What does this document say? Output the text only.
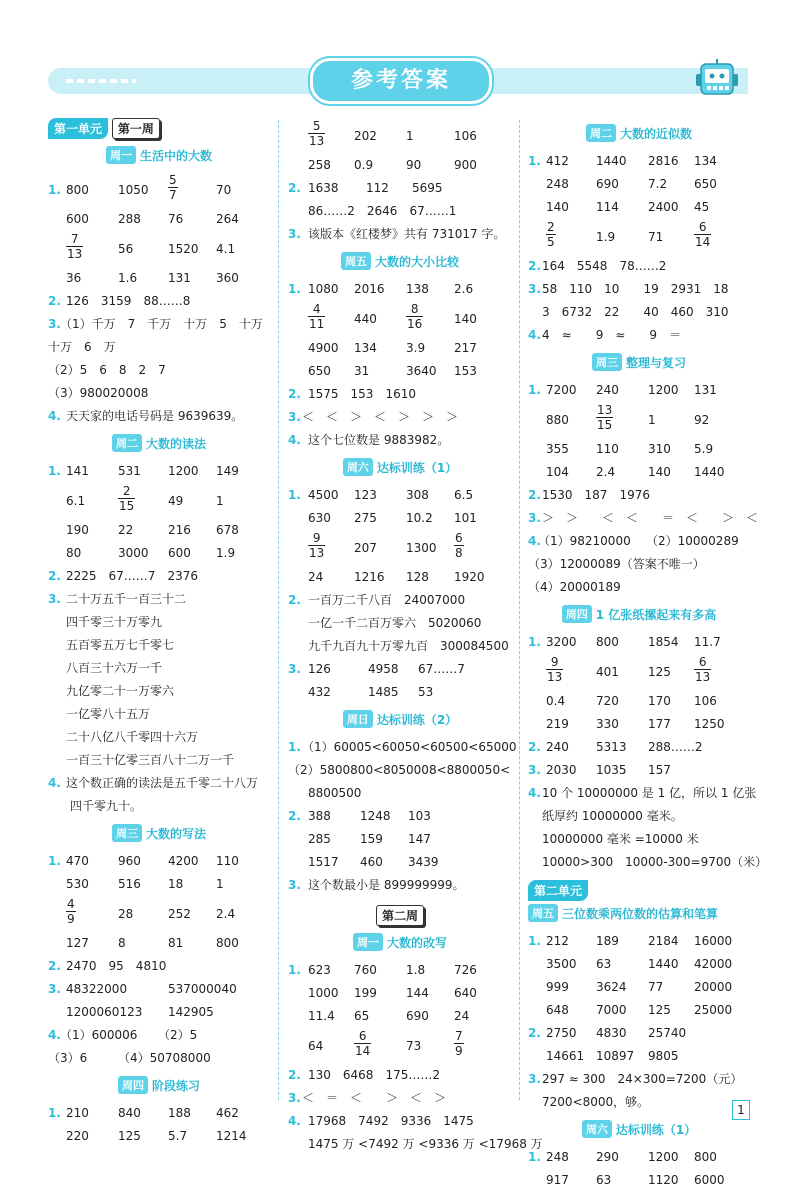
参考答案
第一单元 第一周
周一 生活中的大数
1. 800 $1050 \frac{5}{7}$	70
600 288 76	264
$\frac{7}{13}$	56	1520 4.1
36	1.6	131 360
2. 126　3159　88……8
3. （1）千万　7　千万　十万　5　十万
十万　6　万
（2）5　6　8　2　7
（3）980020008
4. 天天家的电话号码是 9639639。
周二 大数的读法
1. 141 531 1200 149
6.1	$\frac{2}{15}$	49	1
190 22	216 678
80	3000 600 1.9
2. 2225　67……7　2376
3. 二十万五千一百三十二
四千零三十万零九
五百零五万七千零七
八百三十六万一千
九亿零二十一万零六
一亿零八十五万
二十八亿八千零四十六万
一百三十亿零三百八十二万一千
4. 这个数正确的读法是五千零二十八万
四千零九十。
周三 大数的写法
1. 470 960 4200 110
530 516 18	1
$\frac{4}{9}$	28	252 2.4
127 8	81	800
2. 2470　95　4810
3. 48322000	537000040
1200060123 142905
4. （1）600006 （2）5
（3）6	（4）50708000
周四 阶段练习
1. 210 840 188 462
220 125 5.7 1214
$\frac{5}{13} 202$ 1	106
258 0.9	90	900
2. 1638 112 5695
86……2　2646　67……1
3. 该版本《红楼梦》共有 731017 字。
周五 大数的大小比较
1. 1080 2016 138 2.6
$\frac{4}{11} 440 \frac{8}{16}$	140
4900 134 3.9 217
650 31	3640 153
2. 1575　153　1610
3. ＜　＜　＞　＜　＞　＞　＞
4. 这个七位数是 9883982。
周六 达标训练（1）
1. 4500 123 308 6.5
630 275 10.2 101
$\frac{9}{13} 207$ $1300 \frac{6}{8}$
24	1216 128 1920
2. 一百万二千八百　24007000
一亿一千二百万零六　5020060
九千九百九十万零九百　300084500
3. 126	4958 67……7
432	1485 53
周日 达标训练（2）
1. （1）60005<60050<60500<65000
（2）5800800<8050008<8800050<
8800500
2. 388 1248 103
285 159 147
1517 460 3439
3. 这个数最小是 899999999。
第二周
周一 大数的改写
1. 623 760 1.8 726
1000 199 144 640
11.4 65	690 24
64	$\frac{6}{14}$	73	$\frac{7}{9}$
2. 130　6468　175……2
3. ＜　＝　＜　　＞　＜　＞
4. 17968　7492　9336　1475
1475 万 <7492 万 <9336 万 <17968 万
周二 大数的近似数
1. 412 1440 2816 134
248 690 7.2 650
140 114 2400 45
$\frac{2}{5}$	1.9	71	$\frac{6}{14}$
2. 164　5548　78……2
3. 58　110　10　　19　2931　18
3　6732　22　　40　460　310
4. 4　≈　　9　≈　　9　＝
周三 整理与复习
1. 7200 240 1200 131
$880 \frac{13}{15}$	1	92
355 110 310 5.9
104 2.4	140 1440
2. 1530　187　1976
3. ＞　＞　　＜　＜　　＝　＜　　＞　＜
4.
（1）98210000 （2）10000289
（3）12000089（答案不唯一）
（4）20000189
周四 1 亿张纸摞起来有多高
1. 3200 800 1854 11.7
$\frac{9}{13}$	401 $125 \frac{6}{13}$
0.4	720 170 106
219 330 177 1250
2. 240 5313 288……2
3. 2030 1035 157
4. 10 个 10000000 是 1 亿，所以 1 亿张
纸厚约 10000000 毫米。
10000000 毫米 =10000 米
10000>300　10000-300=9700（米）
第二单元
周五 三位数乘两位数的估算和笔算
1. 212 189 2184 16000
3500 63	1440 42000
999 3624 77	20000
648 7000 125 25000
2. 2750 4830 25740
14661 10897 9805
3. 297 ≈ 300　24×300=7200（元）
7200<8000，够。
周六 达标训练（1）
1. 248 290 1200 800
917 63	1120 6000
1
